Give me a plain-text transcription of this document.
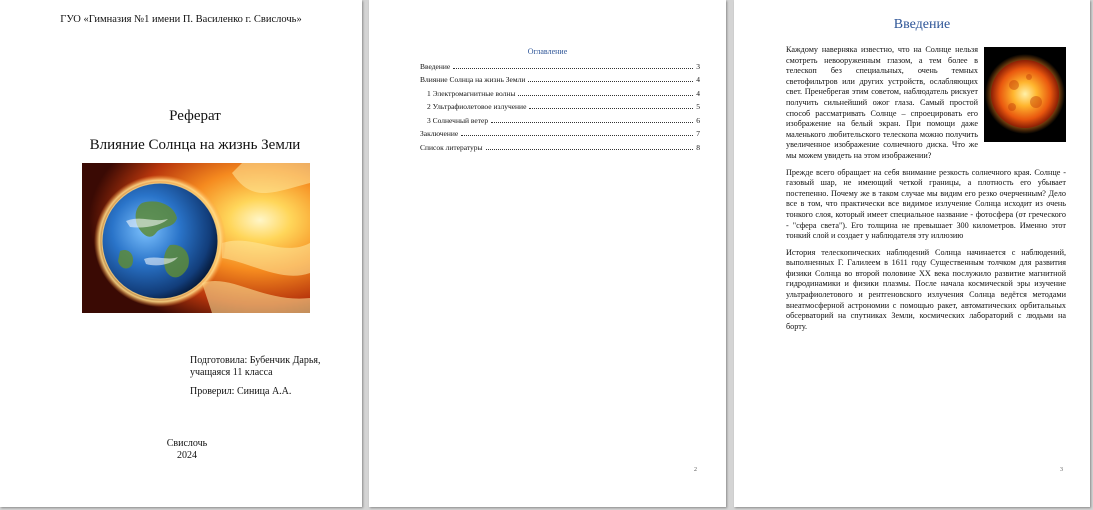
ГУО «Гимназия №1 имени П. Василенко г. Свислочь»
Реферат
Влияние Солнца на жизнь Земли
Подготовила: Бубенчик Дарья,
учащаяся 11 класса
Проверил: Синица А.А.
Свислочь
2024
Оглавление
Введение	3
Влияние Солнца на жизнь Земли	4
1 Электромагнитные волны	4
2 Ультрафиолетовое излучение	5
3 Солнечный ветер	6
Заключение	7
Список литературы	8
2
Введение

Каждому наверняка известно, что на Солнце нельзя смотреть невооруженным глазом, а тем более в телескоп без специальных, очень темных светофильтров или других устройств, ослабляющих свет. Пренебрегая этим советом, наблюдатель рискует получить сильнейший ожог глаза. Самый простой способ рассматривать Солнце – спроецировать его изображение на белый экран. При помощи даже маленького любительского телескопа можно получить увеличенное изображение солнечного диска. Что же мы можем увидеть на этом изображении?

Прежде всего обращает на себя внимание резкость солнечного края. Солнце - газовый шар, не имеющий четкой границы, а плотность его убывает постепенно. Почему же в таком случае мы видим его резко очерченным? Дело все в том, что практически все видимое излучение Солнца исходит из очень тонкого слоя, который имеет специальное название - фотосфера (от греческого - "сфера света"). Его толщина не превышает 300 километров. Именно этот тонкий слой и создает у наблюдателя эту иллюзию

История телескопических наблюдений Солнца начинается с наблюдений, выполненных Г. Галилеем в 1611 году Существенным толчком для развития физики Солнца во второй половине XX века послужило развитие магнитной гидродинамики и физики плазмы. После начала космической эры изучение ультрафиолетового и рентгеновского излучения Солнца ведётся методами внеатмосферной астрономии с помощью ракет, автоматических орбитальных обсерваторий на спутниках Земли, космических лабораторий с людьми на борту.

3
